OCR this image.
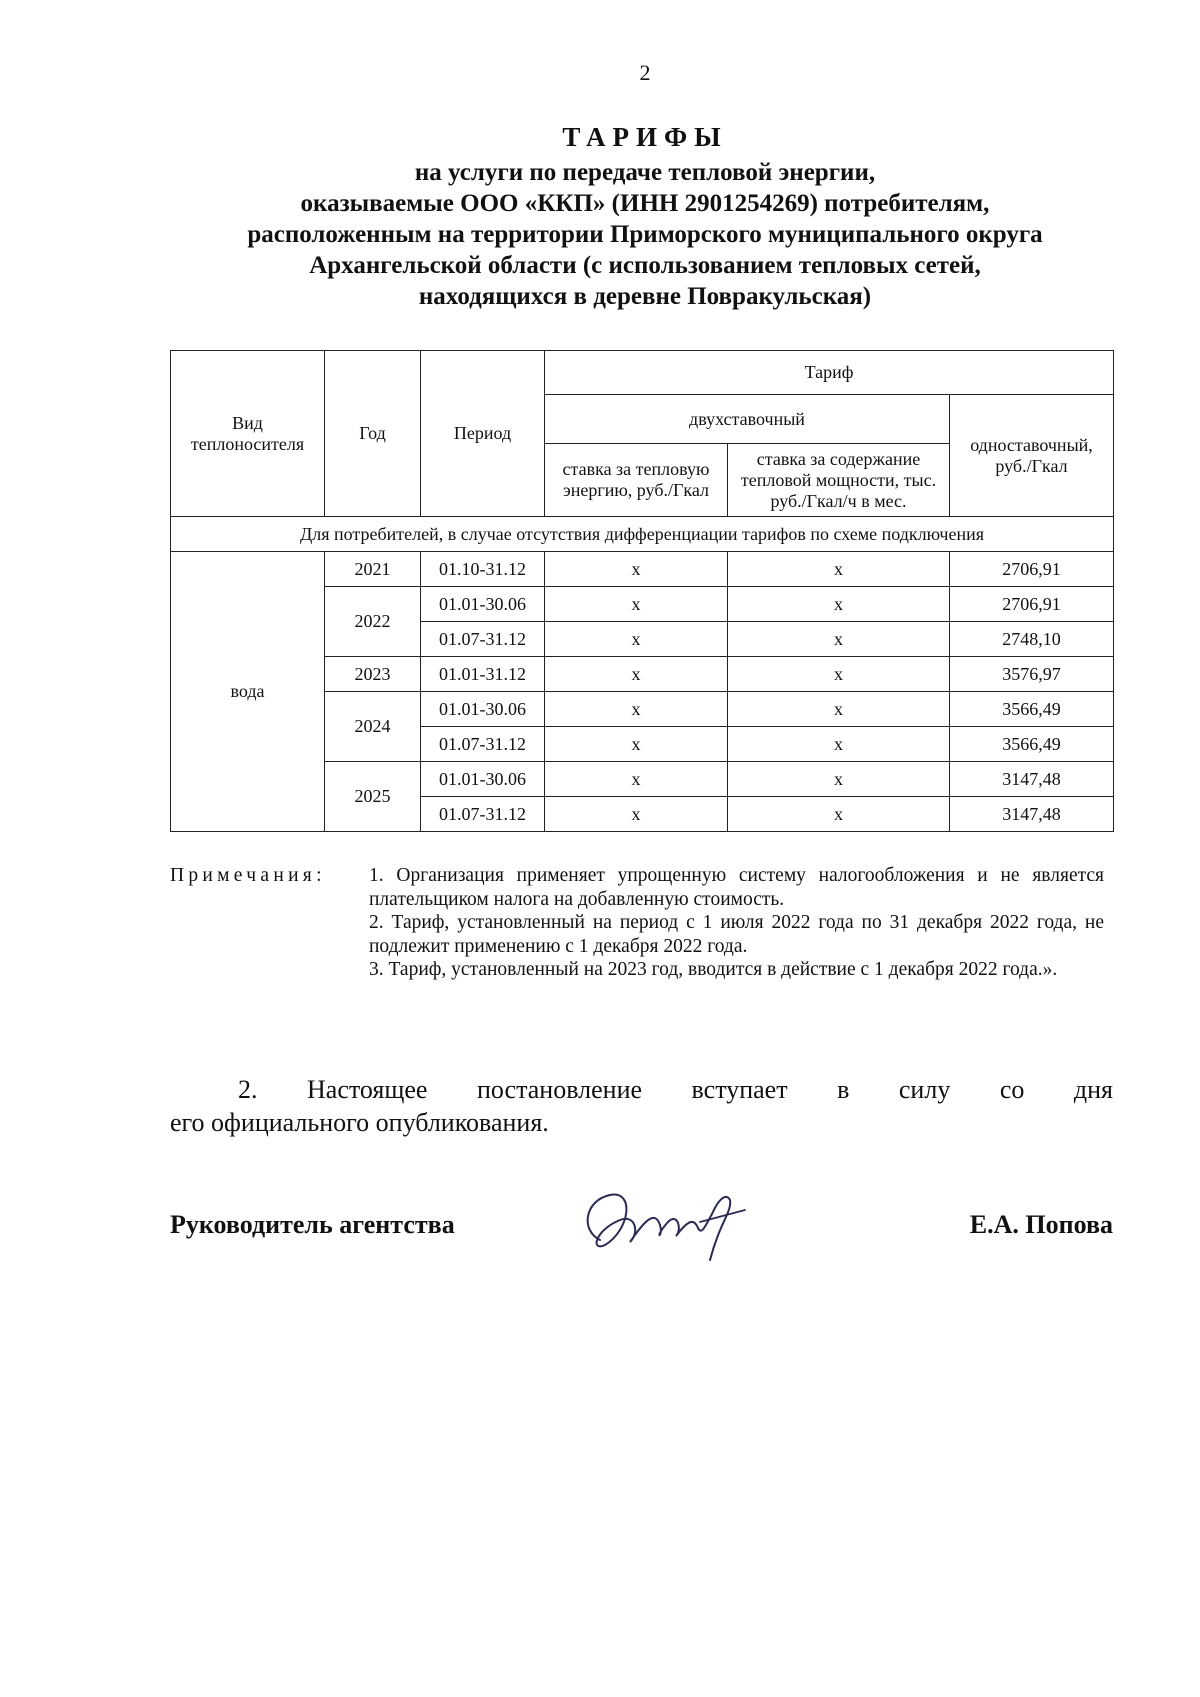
2
ТАРИФЫ

на услуги по передаче тепловой энергии,

оказываемые ООО «ККП» (ИНН 2901254269) потребителям,

расположенным на территории Приморского муниципального округа

Архангельской области (с использованием тепловых сетей,

находящихся в деревне Повракульская)

Вид теплоносителя	Год	Период	Тариф		
			двухставочный		одноставочный, руб./Гкал
			ставка за тепловую энергию, руб./Гкал	ставка за содержание тепловой мощности, тыс. руб./Гкал/ч в мес.	
Для потребителей, в случае отсутствия дифференциации тарифов по схеме подключения					
вода	2021	01.10-31.12	х	х	2706,91
	2022	01.01-30.06	х	х	2706,91
		01.07-31.12	х	х	2748,10
	2023	01.01-31.12	х	х	3576,97
	2024	01.01-30.06	х	х	3566,49
		01.07-31.12	х	х	3566,49
	2025	01.01-30.06	х	х	3147,48
		01.07-31.12	х	х	3147,48
Примечания: 1. Организация применяет упрощенную систему налогообложения и не является плательщиком налога на добавленную стоимость.

2. Тариф, установленный на период с 1 июля 2022 года по 31 декабря 2022 года, не подлежит применению с 1 декабря 2022 года.

3. Тариф, установленный на 2023 год, вводится в действие с 1 декабря 2022 года.».

2. Настоящее постановление вступает в силу со дня
его официального опубликования.
Руководитель агентства	Е.А. Попова
